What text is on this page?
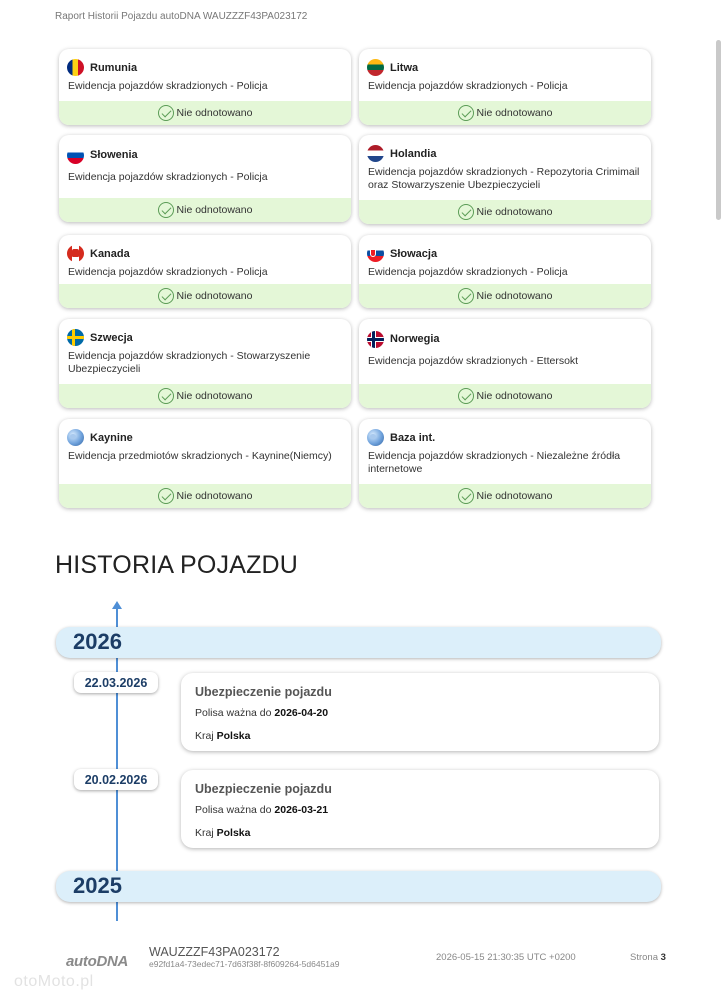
Raport Historii Pojazdu autoDNA WAUZZZF43PA023172
Rumunia
Ewidencja pojazdów skradzionych - Policja
Nie odnotowano
Litwa
Ewidencja pojazdów skradzionych - Policja
Nie odnotowano
Słowenia
Ewidencja pojazdów skradzionych - Policja
Nie odnotowano
Holandia
Ewidencja pojazdów skradzionych - Repozytoria Crimimail oraz Stowarzyszenie Ubezpieczycieli
Nie odnotowano
Kanada
Ewidencja pojazdów skradzionych - Policja
Nie odnotowano
Słowacja
Ewidencja pojazdów skradzionych - Policja
Nie odnotowano
Szwecja
Ewidencja pojazdów skradzionych - Stowarzyszenie Ubezpieczycieli
Nie odnotowano
Norwegia
Ewidencja pojazdów skradzionych - Ettersokt
Nie odnotowano
Kaynine
Ewidencja przedmiotów skradzionych - Kaynine(Niemcy)
Nie odnotowano
Baza int.
Ewidencja pojazdów skradzionych - Niezależne źródła internetowe
Nie odnotowano
HISTORIA POJAZDU
2026
22.03.2026
Ubezpieczenie pojazdu
Polisa ważna do 2026-04-20
Kraj Polska
20.02.2026
Ubezpieczenie pojazdu
Polisa ważna do 2026-03-21
Kraj Polska
2025
autoDNA
WAUZZZF43PA023172
e92fd1a4-73edec71-7d63f38f-8f609264-5d6451a9
2026-05-15 21:30:35 UTC +0200	Strona 3
otoMoto.pl
